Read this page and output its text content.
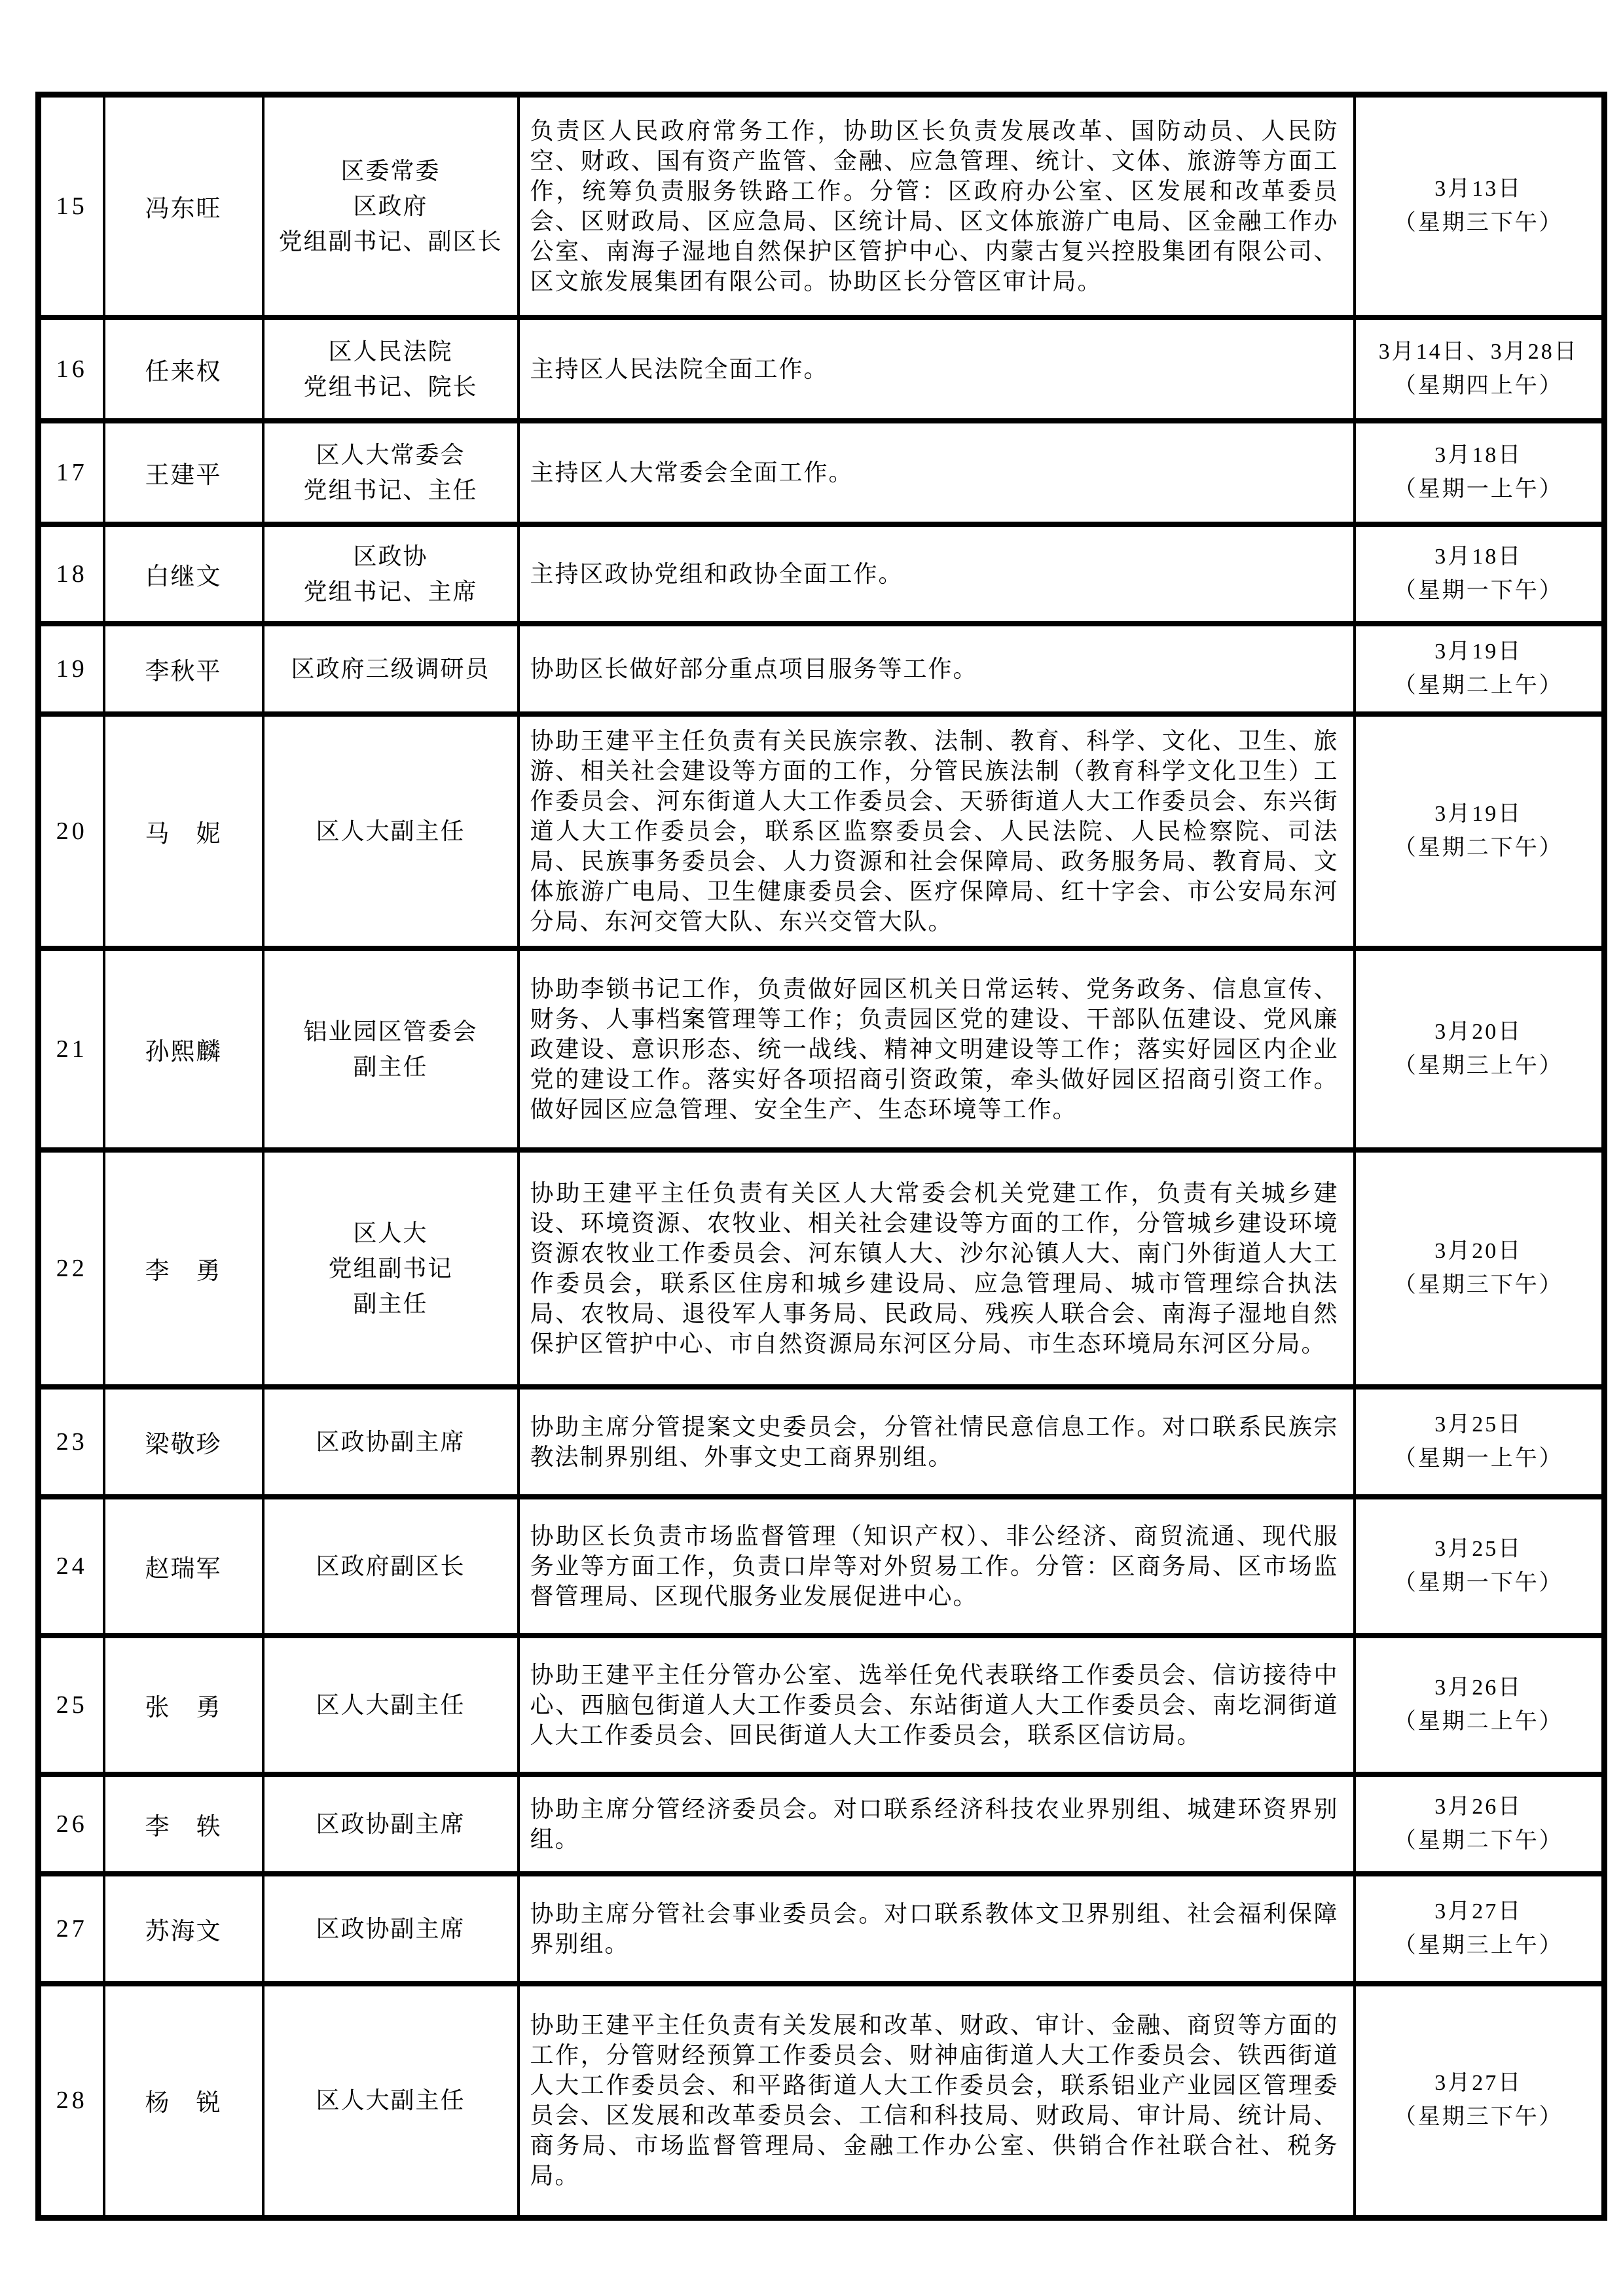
15	冯东旺	区委常委
区政府
党组副书记、副区长	负责区人民政府常务工作，协助区长负责发展改革、国防动员、人民防空、财政、国有资产监管、金融、应急管理、统计、文体、旅游等方面工作，统筹负责服务铁路工作。分管：区政府办公室、区发展和改革委员会、区财政局、区应急局、区统计局、区文体旅游广电局、区金融工作办公室、南海子湿地自然保护区管护中心、内蒙古复兴控股集团有限公司、区文旅发展集团有限公司。协助区长分管区审计局。	3月13日
（星期三下午）
16	任来权	区人民法院
党组书记、院长	主持区人民法院全面工作。	3月14日、3月28日
（星期四上午）
17	王建平	区人大常委会
党组书记、主任	主持区人大常委会全面工作。	3月18日
（星期一上午）
18	白继文	区政协
党组书记、主席	主持区政协党组和政协全面工作。	3月18日
（星期一下午）
19	李秋平	区政府三级调研员	协助区长做好部分重点项目服务等工作。	3月19日
（星期二上午）
20	马　妮	区人大副主任	协助王建平主任负责有关民族宗教、法制、教育、科学、文化、卫生、旅游、相关社会建设等方面的工作，分管民族法制（教育科学文化卫生）工作委员会、河东街道人大工作委员会、天骄街道人大工作委员会、东兴街道人大工作委员会，联系区监察委员会、人民法院、人民检察院、司法局、民族事务委员会、人力资源和社会保障局、政务服务局、教育局、文体旅游广电局、卫生健康委员会、医疗保障局、红十字会、市公安局东河分局、东河交管大队、东兴交管大队。	3月19日
（星期二下午）
21	孙熙麟	铝业园区管委会
副主任	协助李锁书记工作，负责做好园区机关日常运转、党务政务、信息宣传、财务、人事档案管理等工作；负责园区党的建设、干部队伍建设、党风廉政建设、意识形态、统一战线、精神文明建设等工作；落实好园区内企业党的建设工作。落实好各项招商引资政策，牵头做好园区招商引资工作。做好园区应急管理、安全生产、生态环境等工作。	3月20日
（星期三上午）
22	李　勇	区人大
党组副书记
副主任	协助王建平主任负责有关区人大常委会机关党建工作，负责有关城乡建设、环境资源、农牧业、相关社会建设等方面的工作，分管城乡建设环境资源农牧业工作委员会、河东镇人大、沙尔沁镇人大、南门外街道人大工作委员会，联系区住房和城乡建设局、应急管理局、城市管理综合执法局、农牧局、退役军人事务局、民政局、残疾人联合会、南海子湿地自然保护区管护中心、市自然资源局东河区分局、市生态环境局东河区分局。	3月20日
（星期三下午）
23	梁敬珍	区政协副主席	协助主席分管提案文史委员会，分管社情民意信息工作。对口联系民族宗教法制界别组、外事文史工商界别组。	3月25日
（星期一上午）
24	赵瑞军	区政府副区长	协助区长负责市场监督管理（知识产权）、非公经济、商贸流通、现代服务业等方面工作，负责口岸等对外贸易工作。分管：区商务局、区市场监督管理局、区现代服务业发展促进中心。	3月25日
（星期一下午）
25	张　勇	区人大副主任	协助王建平主任分管办公室、选举任免代表联络工作委员会、信访接待中心、西脑包街道人大工作委员会、东站街道人大工作委员会、南圪洞街道人大工作委员会、回民街道人大工作委员会，联系区信访局。	3月26日
（星期二上午）
26	李　轶	区政协副主席	协助主席分管经济委员会。对口联系经济科技农业界别组、城建环资界别组。	3月26日
（星期二下午）
27	苏海文	区政协副主席	协助主席分管社会事业委员会。对口联系教体文卫界别组、社会福利保障界别组。	3月27日
（星期三上午）
28	杨　锐	区人大副主任	协助王建平主任负责有关发展和改革、财政、审计、金融、商贸等方面的工作，分管财经预算工作委员会、财神庙街道人大工作委员会、铁西街道人大工作委员会、和平路街道人大工作委员会，联系铝业产业园区管理委员会、区发展和改革委员会、工信和科技局、财政局、审计局、统计局、商务局、市场监督管理局、金融工作办公室、供销合作社联合社、税务局。	3月27日
（星期三下午）
